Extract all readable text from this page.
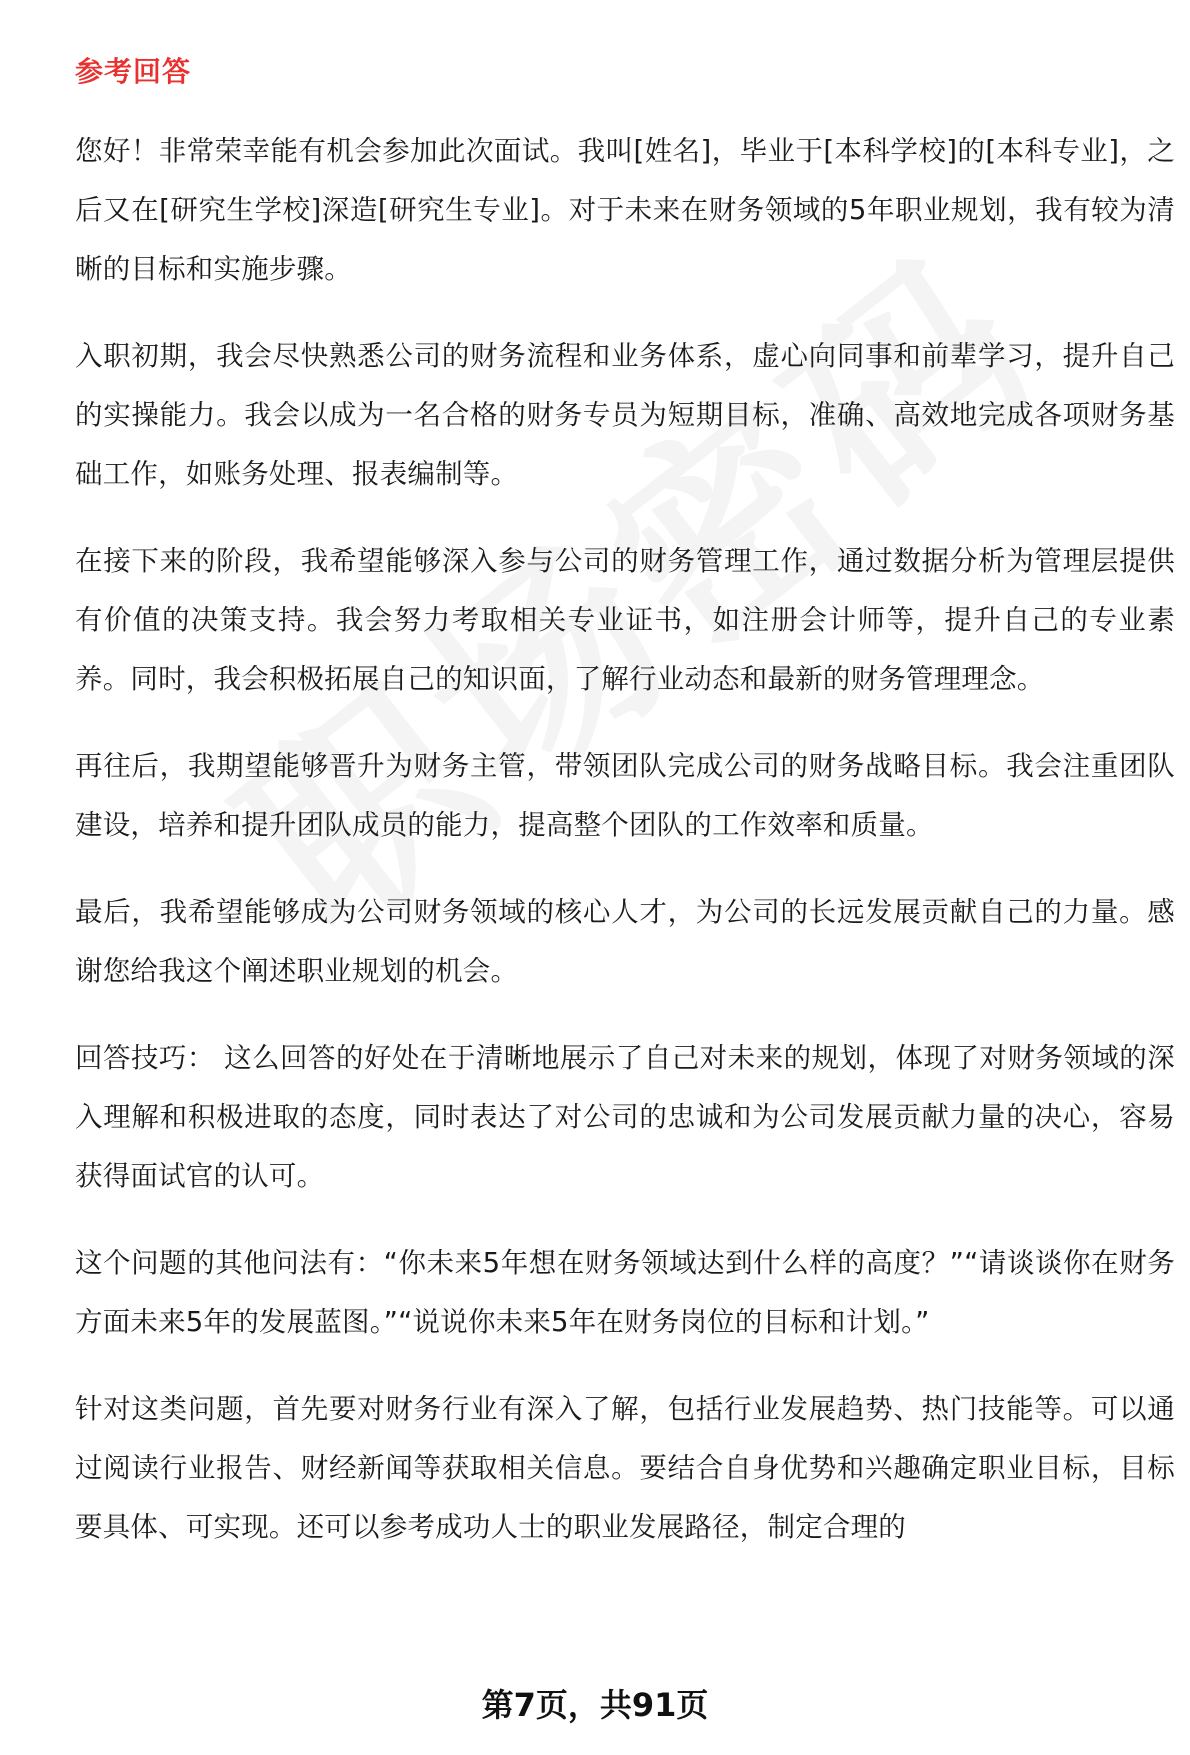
参考回答

您好！非常荣幸能有机会参加此次面试。我叫[姓名]，毕业于[本科学校]的[本科专业]，之后又在[研究生学校]深造[研究生专业]。对于未来在财务领域的5年职业规划，我有较为清晰的目标和实施步骤。

入职初期，我会尽快熟悉公司的财务流程和业务体系，虚心向同事和前辈学习，提升自己的实操能力。我会以成为一名合格的财务专员为短期目标，准确、高效地完成各项财务基础工作，如账务处理、报表编制等。

在接下来的阶段，我希望能够深入参与公司的财务管理工作，通过数据分析为管理层提供有价值的决策支持。我会努力考取相关专业证书，如注册会计师等，提升自己的专业素养。同时，我会积极拓展自己的知识面，了解行业动态和最新的财务管理理念。

再往后，我期望能够晋升为财务主管，带领团队完成公司的财务战略目标。我会注重团队建设，培养和提升团队成员的能力，提高整个团队的工作效率和质量。

最后，我希望能够成为公司财务领域的核心人才，为公司的长远发展贡献自己的力量。感谢您给我这个阐述职业规划的机会。

回答技巧： 这么回答的好处在于清晰地展示了自己对未来的规划，体现了对财务领域的深入理解和积极进取的态度，同时表达了对公司的忠诚和为公司发展贡献力量的决心，容易获得面试官的认可。

这个问题的其他问法有：“你未来5年想在财务领域达到什么样的高度？”“请谈谈你在财务方面未来5年的发展蓝图。”“说说你未来5年在财务岗位的目标和计划。”

针对这类问题，首先要对财务行业有深入了解，包括行业发展趋势、热门技能等。可以通过阅读行业报告、财经新闻等获取相关信息。要结合自身优势和兴趣确定职业目标，目标要具体、可实现。还可以参考成功人士的职业发展路径，制定合理的

第7页，共91页
